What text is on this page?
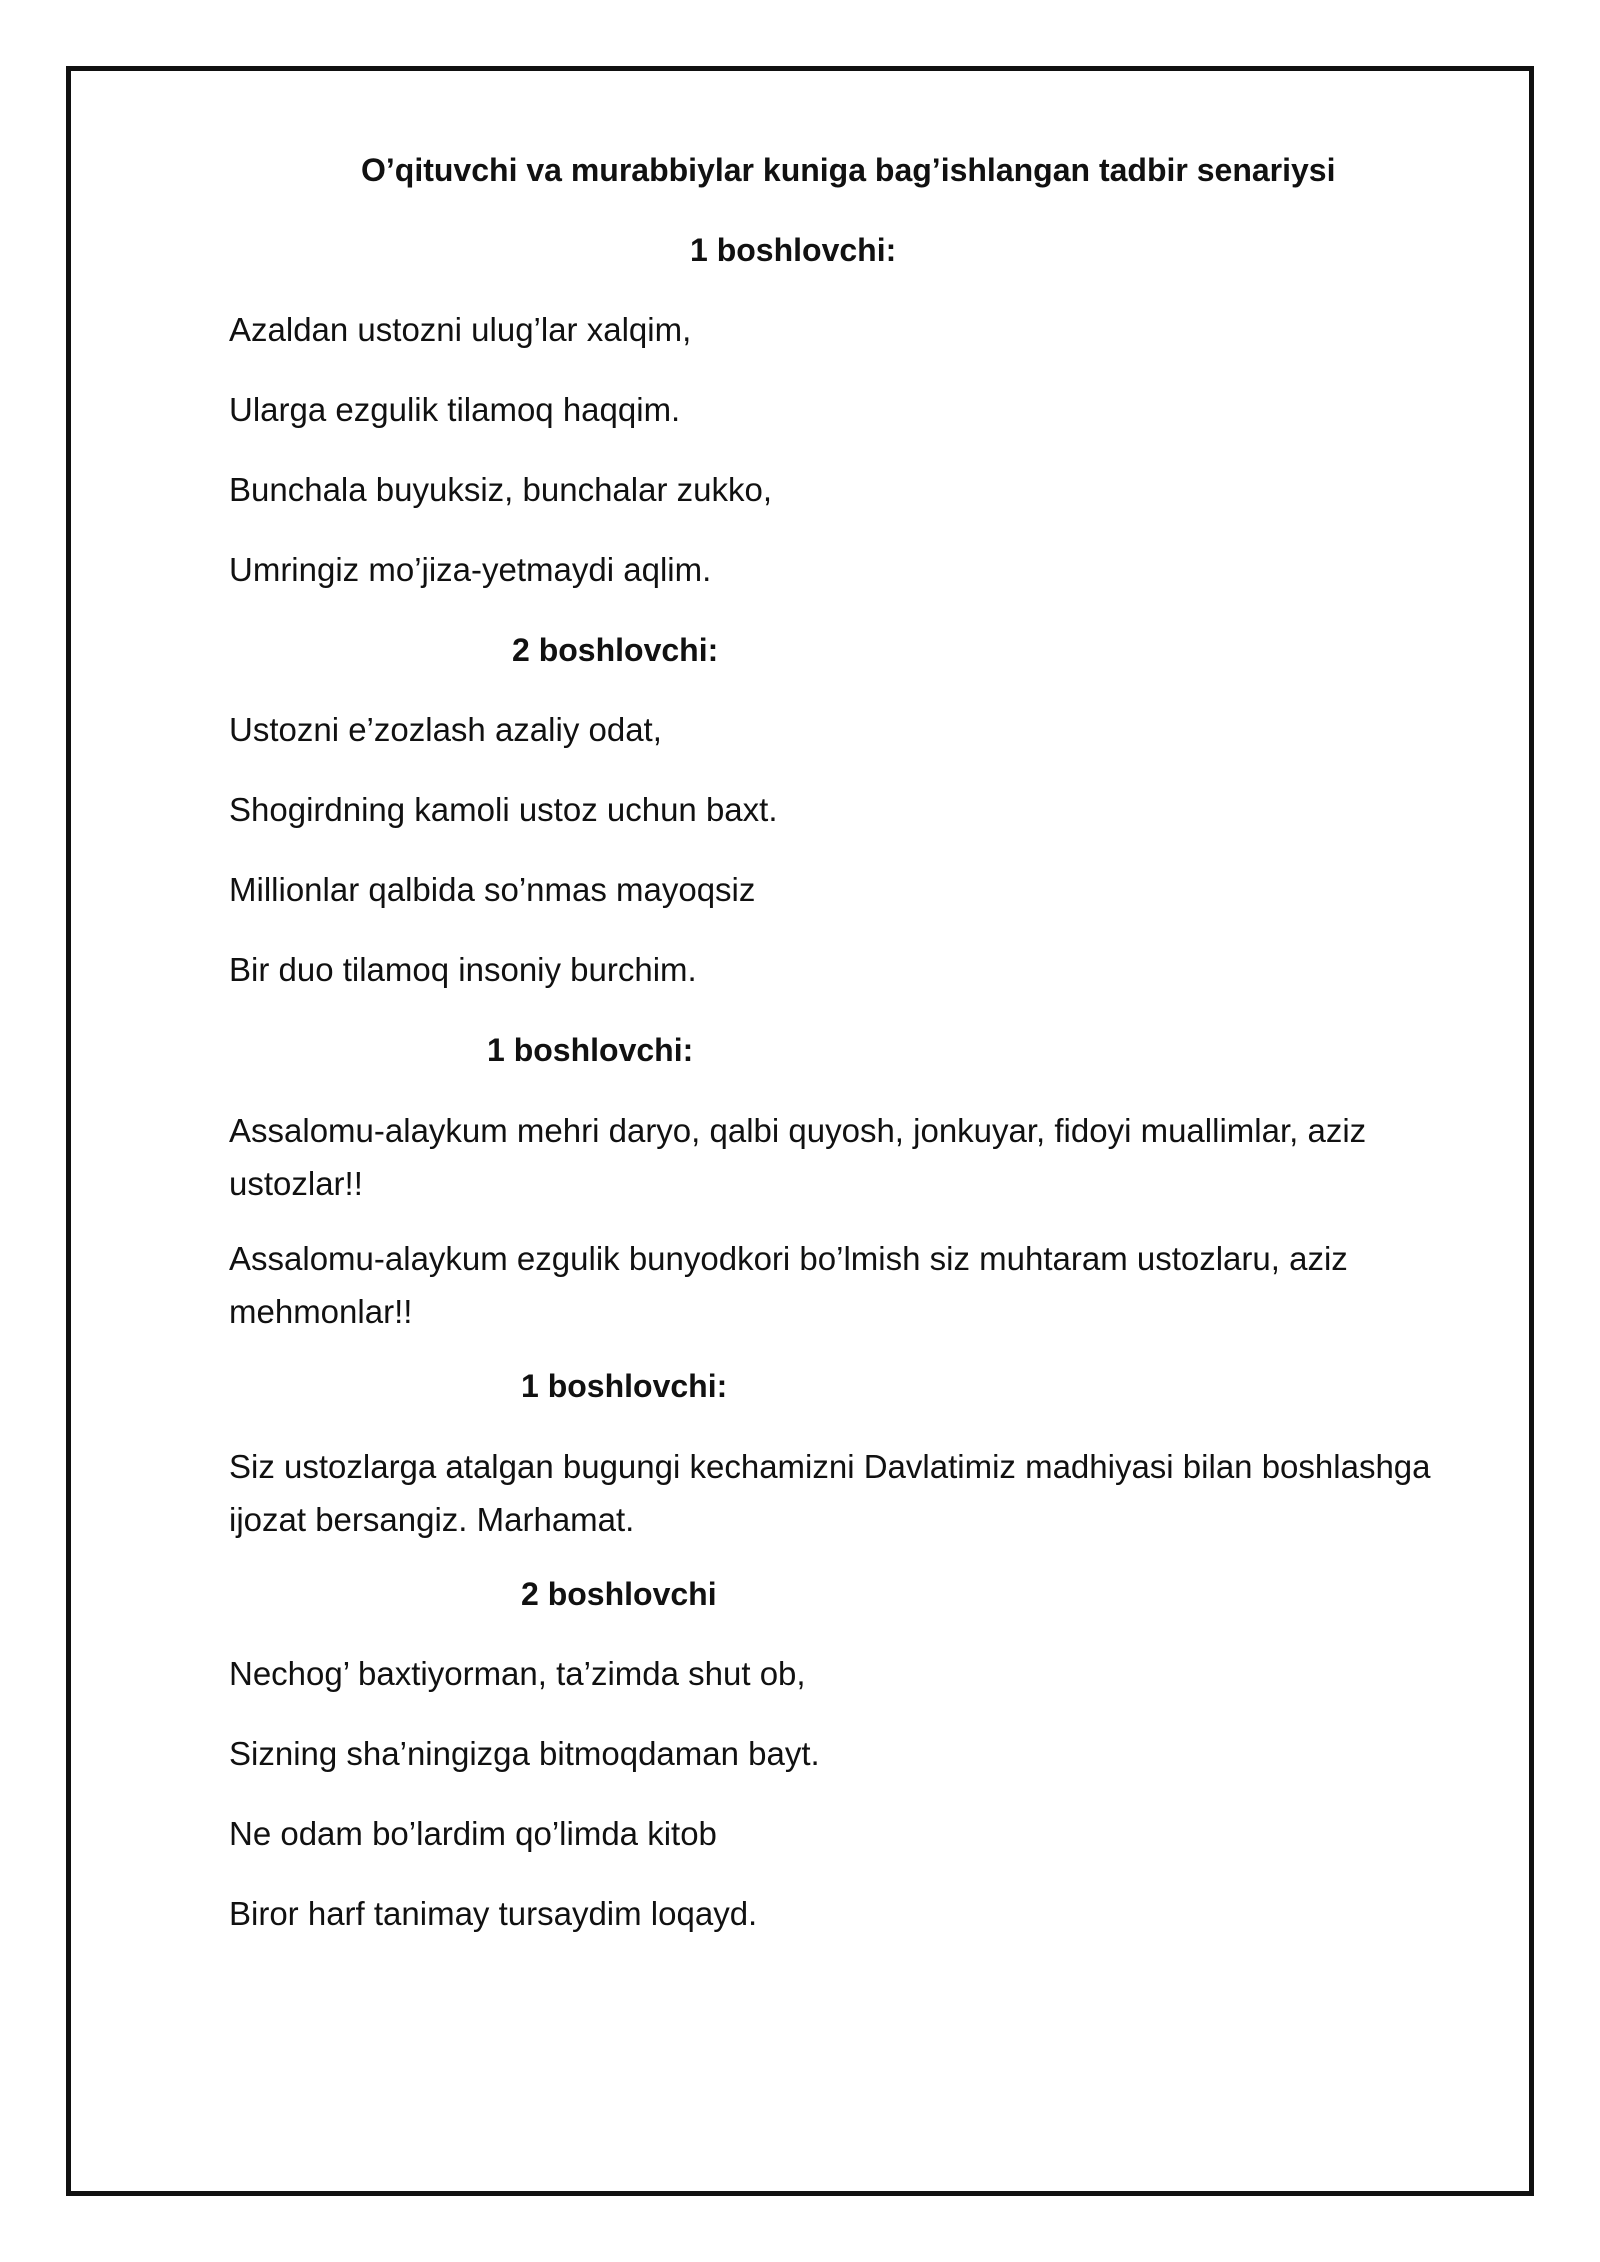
O’qituvchi va murabbiylar kuniga bag’ishlangan tadbir senariysi
1 boshlovchi:
Azaldan ustozni ulug’lar xalqim,
Ularga ezgulik tilamoq haqqim.
Bunchala buyuksiz, bunchalar zukko,
Umringiz mo’jiza-yetmaydi aqlim.
2 boshlovchi:
Ustozni e’zozlash azaliy odat,
Shogirdning kamoli ustoz uchun baxt.
Millionlar qalbida so’nmas mayoqsiz
Bir duo tilamoq insoniy burchim.
1 boshlovchi:
Assalomu-alaykum mehri daryo, qalbi quyosh, jonkuyar, fidoyi muallimlar, aziz ustozlar!!
Assalomu-alaykum ezgulik bunyodkori bo’lmish siz muhtaram ustozlaru, aziz mehmonlar!!
1 boshlovchi:
Siz ustozlarga atalgan bugungi kechamizni Davlatimiz madhiyasi bilan boshlashga ijozat bersangiz. Marhamat.
2 boshlovchi
Nechog’ baxtiyorman, ta’zimda shut ob,
Sizning sha’ningizga bitmoqdaman bayt.
Ne odam bo’lardim qo’limda kitob
Biror harf tanimay tursaydim loqayd.
